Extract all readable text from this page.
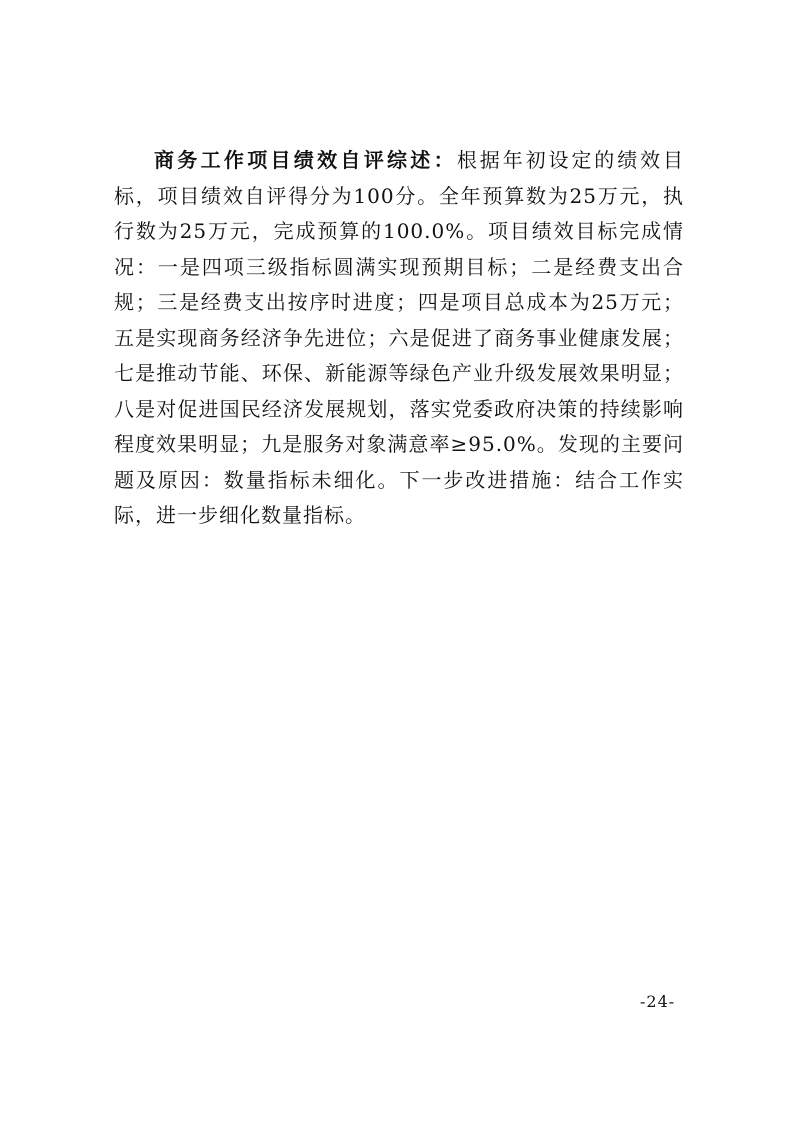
商务工作项目绩效自评综述：根据年初设定的绩效目标，项目绩效自评得分为100分。全年预算数为25万元，执行数为25万元，完成预算的100.0%。项目绩效目标完成情况：一是四项三级指标圆满实现预期目标；二是经费支出合规；三是经费支出按序时进度；四是项目总成本为25万元；五是实现商务经济争先进位；六是促进了商务事业健康发展；七是推动节能、环保、新能源等绿色产业升级发展效果明显；八是对促进国民经济发展规划，落实党委政府决策的持续影响程度效果明显；九是服务对象满意率≥95.0%。发现的主要问题及原因：数量指标未细化。下一步改进措施：结合工作实际，进一步细化数量指标。

-24-
